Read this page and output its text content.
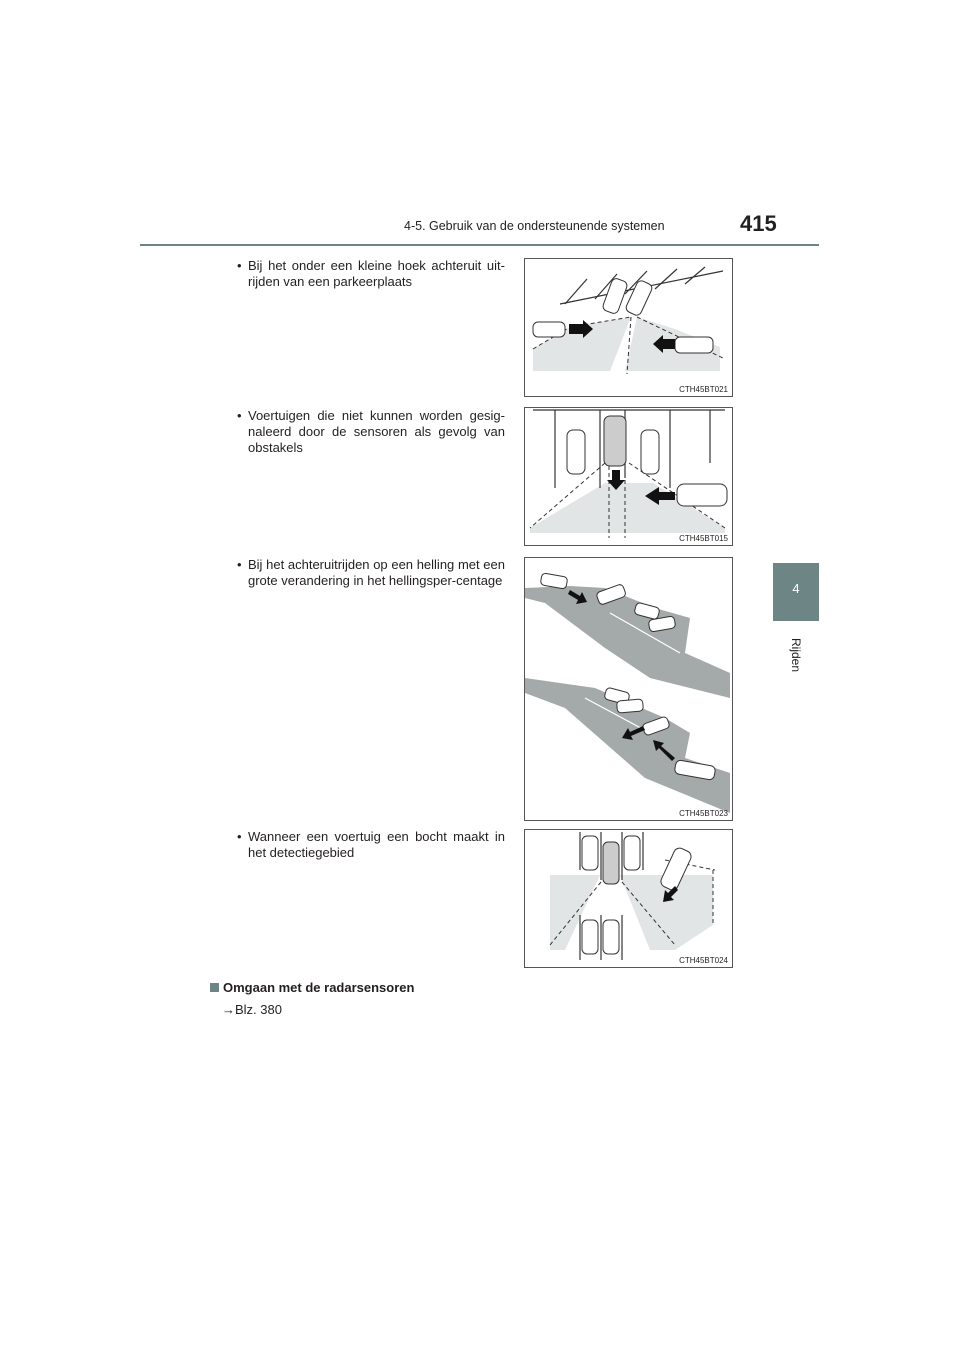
4-5. Gebruik van de ondersteunende systemen	415
4
Rijden
• Bij het onder een kleine hoek achteruit uit-rijden van een parkeerplaats
CTH45BT021
• Voertuigen die niet kunnen worden gesig-naleerd door de sensoren als gevolg van obstakels
CTH45BT015
• Bij het achteruitrijden op een helling met een grote verandering in het hellingsper-centage
CTH45BT023
• Wanneer een voertuig een bocht maakt in het detectiegebied
CTH45BT024
Omgaan met de radarsensoren
→Blz. 380
